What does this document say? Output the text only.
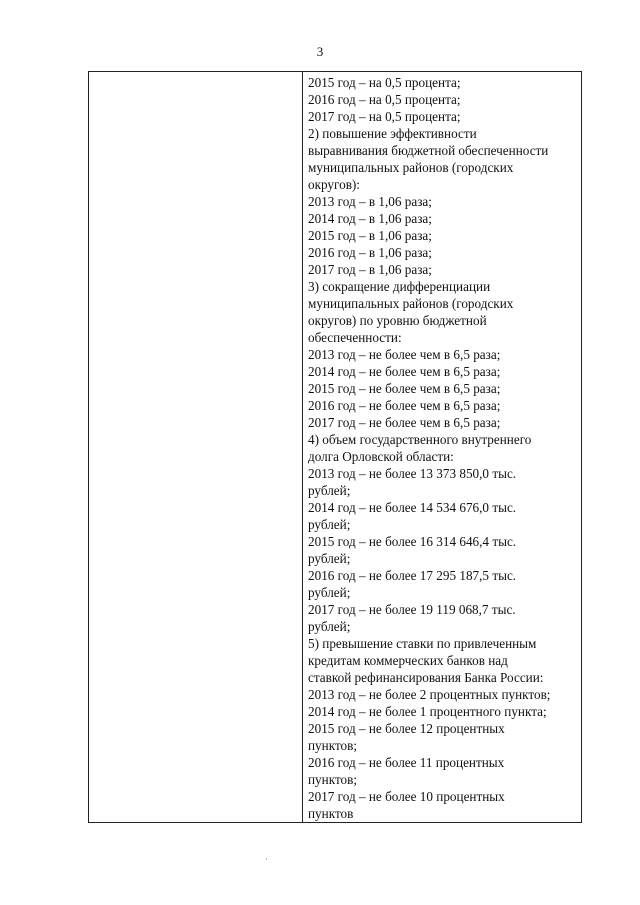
3
2015 год – на 0,5 процента;
2016 год – на 0,5 процента;
2017 год – на 0,5 процента;
2) повышение эффективности
выравнивания бюджетной обеспеченности
муниципальных районов (городских
округов):
2013 год – в 1,06 раза;
2014 год – в 1,06 раза;
2015 год – в 1,06 раза;
2016 год – в 1,06 раза;
2017 год – в 1,06 раза;
3) сокращение дифференциации
муниципальных районов (городских
округов) по уровню бюджетной
обеспеченности:
2013 год – не более чем в 6,5 раза;
2014 год – не более чем в 6,5 раза;
2015 год – не более чем в 6,5 раза;
2016 год – не более чем в 6,5 раза;
2017 год – не более чем в 6,5 раза;
4) объем государственного внутреннего
долга Орловской области:
2013 год – не более 13 373 850,0 тыс.
рублей;
2014 год – не более 14 534 676,0 тыс.
рублей;
2015 год – не более 16 314 646,4 тыс.
рублей;
2016 год – не более 17 295 187,5 тыс.
рублей;
2017 год – не более 19 119 068,7 тыс.
рублей;
5) превышение ставки по привлеченным
кредитам коммерческих банков над
ставкой рефинансирования Банка России:
2013 год – не более 2 процентных пунктов;
2014 год – не более 1 процентного пункта;
2015 год – не более 12 процентных
пунктов;
2016 год – не более 11 процентных
пунктов;
2017 год – не более 10 процентных
пунктов
